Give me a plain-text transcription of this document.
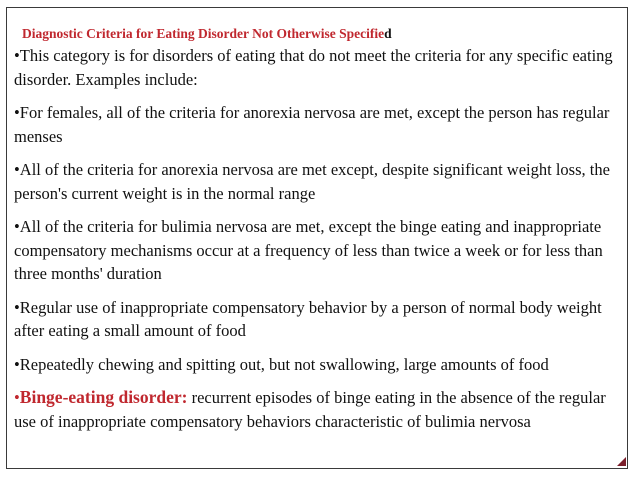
Diagnostic Criteria for Eating Disorder Not Otherwise Specified
•This category is for disorders of eating that do not meet the criteria for any specific eating disorder. Examples include:
•For females, all of the criteria for anorexia nervosa are met, except the person has regular menses
•All of the criteria for anorexia nervosa are met except, despite significant weight loss, the person's current weight is in the normal range
•All of the criteria for bulimia nervosa are met, except the binge eating and inappropriate compensatory mechanisms occur at a frequency of less than twice a week or for less than three months' duration
•Regular use of inappropriate compensatory behavior by a person of normal body weight after eating a small amount of food
•Repeatedly chewing and spitting out, but not swallowing, large amounts of food
•Binge-eating disorder: recurrent episodes of binge eating in the absence of the regular use of inappropriate compensatory behaviors characteristic of bulimia nervosa
